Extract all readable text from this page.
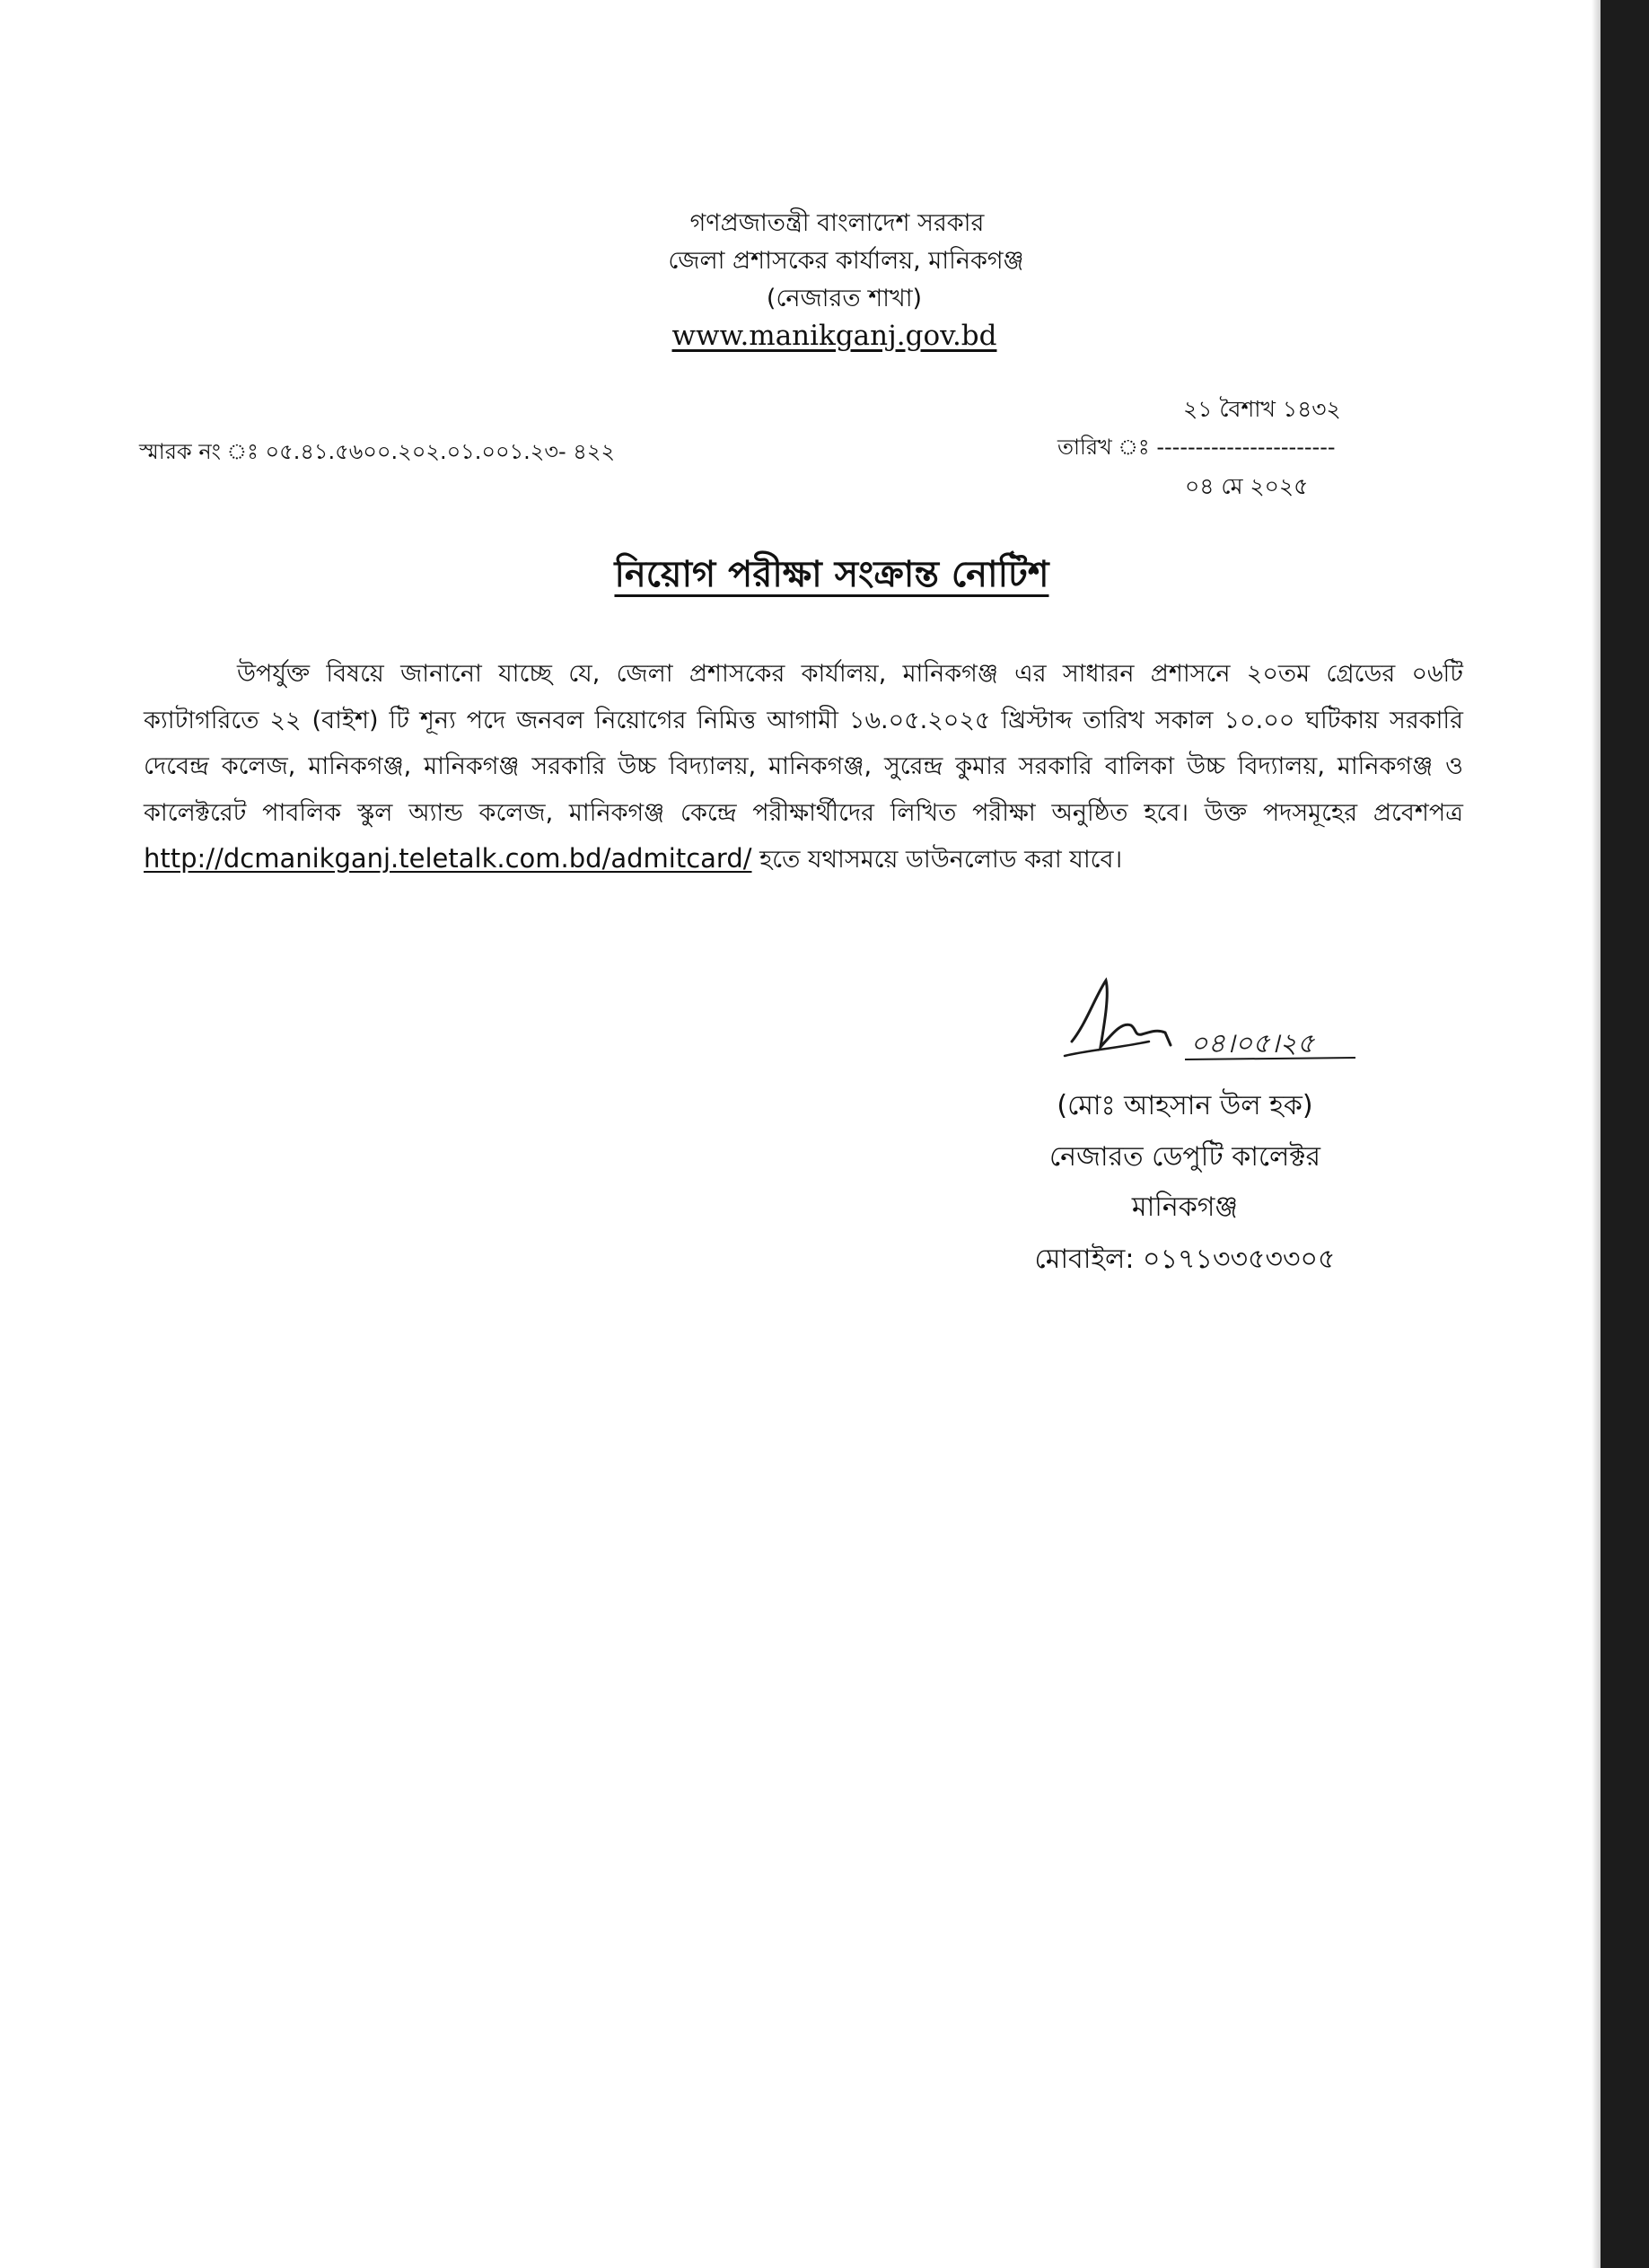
গণপ্রজাতন্ত্রী বাংলাদেশ সরকার
জেলা প্রশাসকের কার্যালয়, মানিকগঞ্জ
(নেজারত শাখা)
www.manikganj.gov.bd
স্মারক নং ঃ ০৫.৪১.৫৬০০.২০২.০১.০০১.২৩- ৪২২
২১ বৈশাখ ১৪৩২
তারিখ ঃ -----------------------
০৪ মে ২০২৫
নিয়োগ পরীক্ষা সংক্রান্ত নোটিশ
উপর্যুক্ত বিষয়ে জানানো যাচ্ছে যে, জেলা প্রশাসকের কার্যালয়, মানিকগঞ্জ এর সাধারন প্রশাসনে ২০তম গ্রেডের ০৬টি ক্যাটাগরিতে ২২ (বাইশ) টি শূন্য পদে জনবল নিয়োগের নিমিত্ত আগামী ১৬.০৫.২০২৫ খ্রিস্টাব্দ তারিখ সকাল ১০.০০ ঘটিকায় সরকারি দেবেন্দ্র কলেজ, মানিকগঞ্জ, মানিকগঞ্জ সরকারি উচ্চ বিদ্যালয়, মানিকগঞ্জ, সুরেন্দ্র কুমার সরকারি বালিকা উচ্চ বিদ্যালয়, মানিকগঞ্জ ও কালেক্টরেট পাবলিক স্কুল অ্যান্ড কলেজ, মানিকগঞ্জ কেন্দ্রে পরীক্ষার্থীদের লিখিত পরীক্ষা অনুষ্ঠিত হবে। উক্ত পদসমূহের প্রবেশপত্র http://dcmanikganj.teletalk.com.bd/admitcard/ হতে যথাসময়ে ডাউনলোড করা যাবে।
০৪।০৫।২৫
(মোঃ আহসান উল হক)
নেজারত ডেপুটি কালেক্টর
মানিকগঞ্জ
মোবাইল: ০১৭১৩৩৫৩৩০৫
